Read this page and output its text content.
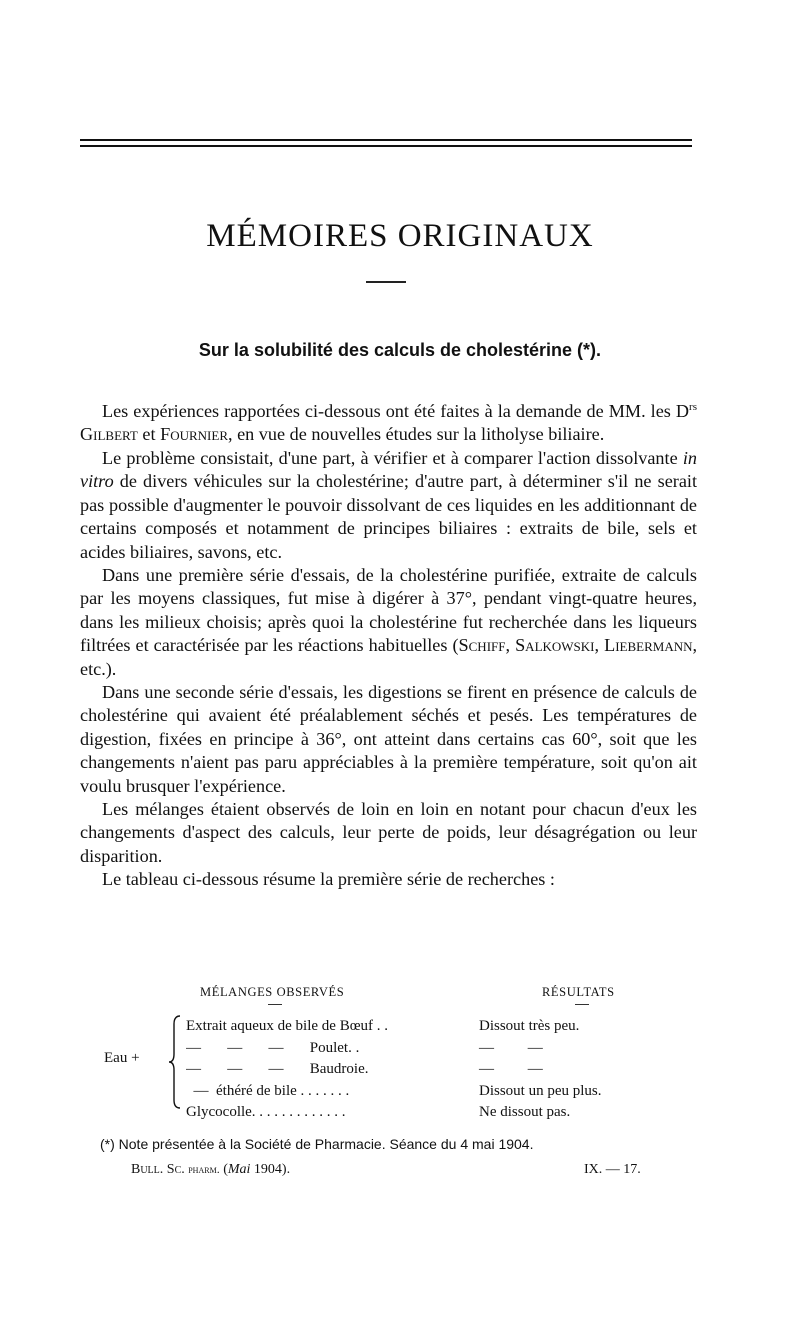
MÉMOIRES ORIGINAUX
Sur la solubilité des calculs de cholestérine (*).

Les expériences rapportées ci-dessous ont été faites à la demande de MM. les $D^{rs}$ Gilbert et Fournier, en vue de nouvelles études sur la litholyse biliaire.

Le problème consistait, d'une part, à vérifier et à comparer l'action dissolvante in vitro de divers véhicules sur la cholestérine; d'autre part, à déterminer s'il ne serait pas possible d'augmenter le pouvoir dissolvant de ces liquides en les additionnant de certains composés et notamment de principes biliaires : extraits de bile, sels et acides biliaires, savons, etc.

Dans une première série d'essais, de la cholestérine purifiée, extraite de calculs par les moyens classiques, fut mise à digérer à 37°, pendant vingt-quatre heures, dans les milieux choisis; après quoi la cholestérine fut recherchée dans les liqueurs filtrées et caractérisée par les réactions habituelles (Schiff, Salkowski, Liebermann, etc.).

Dans une seconde série d'essais, les digestions se firent en présence de calculs de cholestérine qui avaient été préalablement séchés et pesés. Les températures de digestion, fixées en principe à 36°, ont atteint dans certains cas 60°, soit que les changements n'aient pas paru appréciables à la première température, soit qu'on ait voulu brusquer l'expérience.

Les mélanges étaient observés de loin en loin en notant pour chacun d'eux les changements d'aspect des calculs, leur perte de poids, leur désagrégation ou leur disparition.

Le tableau ci-dessous résume la première série de recherches :

MÉLANGES OBSERVÉS	RÉSULTATS
Eau +
Extrait aqueux de bile de Bœuf . .	Dissout très peu.
—       —       —       Poulet. .	—         —
—       —       —       Baudroie.	—         —
—  éthéré de bile . . . . . . .	Dissout un peu plus.
Glycocolle. . . . . . . . . . . . .	Ne dissout pas.
(*) Note présentée à la Société de Pharmacie. Séance du 4 mai 1904.
Bull. Sc. pharm. (Mai 1904).	IX. — 17.
